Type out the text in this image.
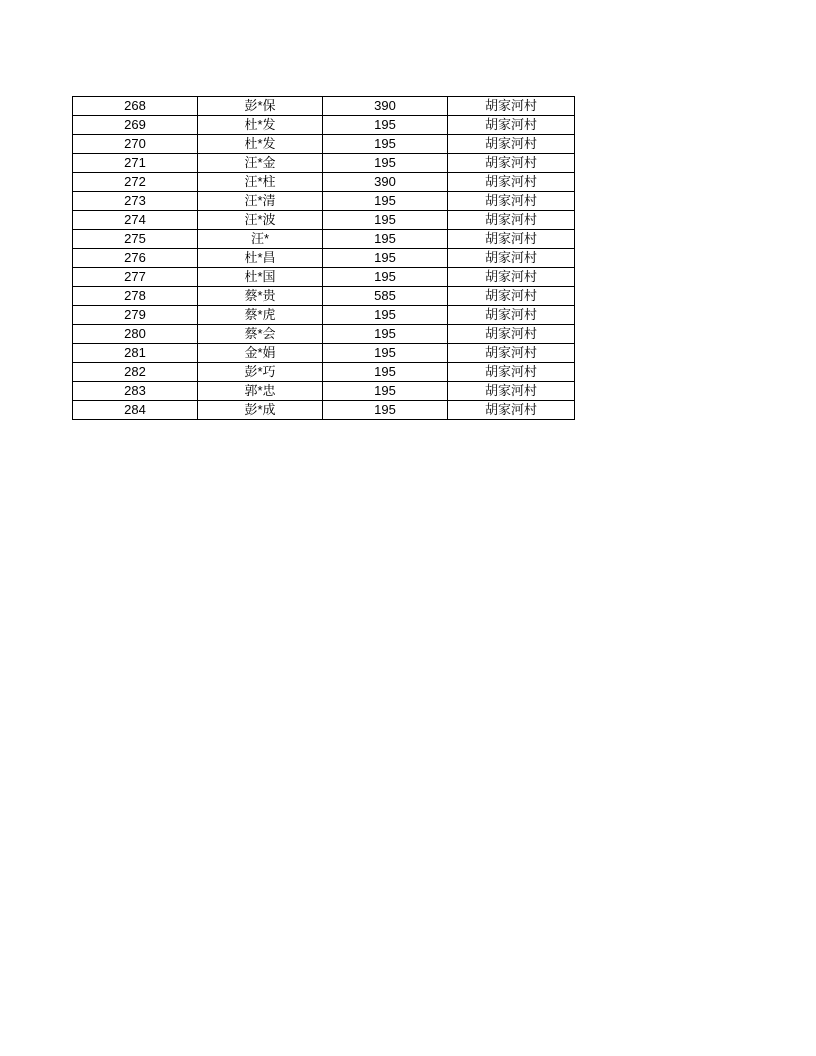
268	彭*保	390	胡家河村
269	杜*发	195	胡家河村
270	杜*发	195	胡家河村
271	汪*金	195	胡家河村
272	汪*柱	390	胡家河村
273	汪*清	195	胡家河村
274	汪*波	195	胡家河村
275	汪*	195	胡家河村
276	杜*昌	195	胡家河村
277	杜*国	195	胡家河村
278	蔡*贵	585	胡家河村
279	蔡*虎	195	胡家河村
280	蔡*会	195	胡家河村
281	金*娟	195	胡家河村
282	彭*巧	195	胡家河村
283	郭*忠	195	胡家河村
284	彭*成	195	胡家河村
